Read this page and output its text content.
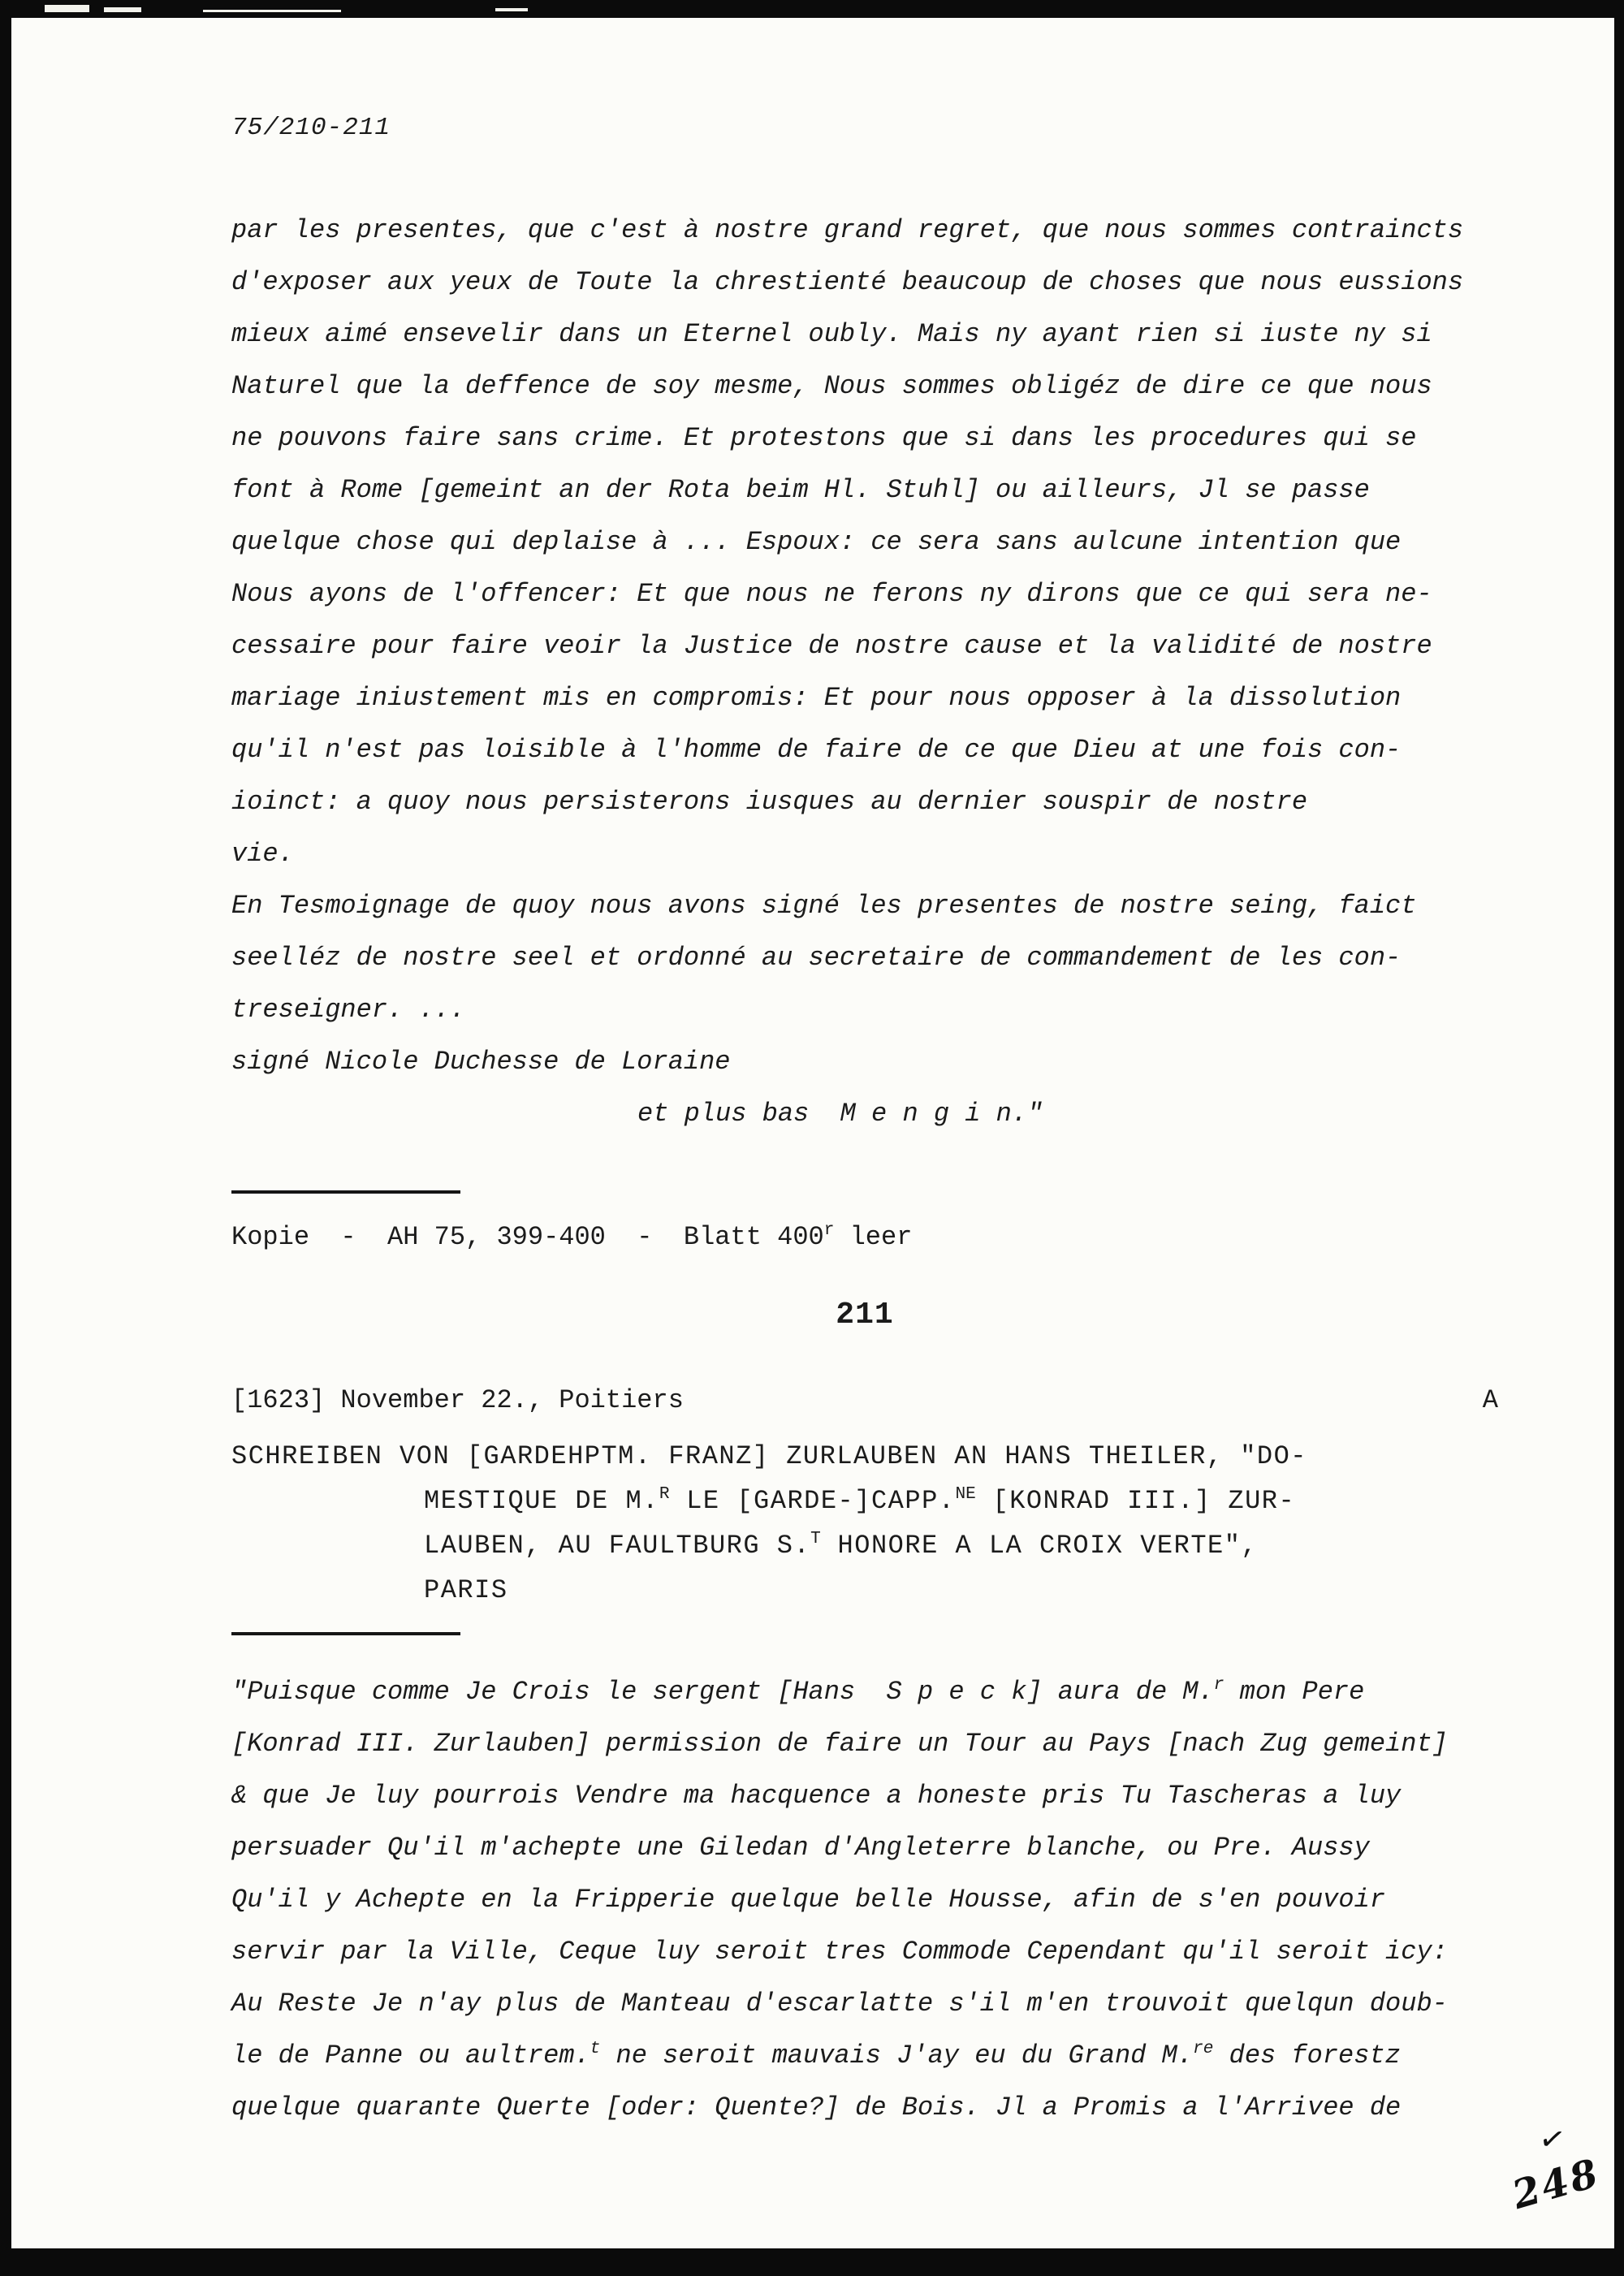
75/210-211
par les presentes, que c'est à nostre grand regret, que nous sommes contraincts
d'exposer aux yeux de Toute la chrestienté beaucoup de choses que nous eussions
mieux aimé ensevelir dans un Eternel oubly. Mais ny ayant rien si iuste ny si
Naturel que la deffence de soy mesme, Nous sommes obligéz de dire ce que nous
ne pouvons faire sans crime. Et protestons que si dans les procedures qui se
font à Rome [gemeint an der Rota beim Hl. Stuhl] ou ailleurs, Jl se passe
quelque chose qui deplaise à ... Espoux: ce sera sans aulcune intention que
Nous ayons de l'offencer: Et que nous ne ferons ny dirons que ce qui sera ne-
cessaire pour faire veoir la Justice de nostre cause et la validité de nostre
mariage iniustement mis en compromis: Et pour nous opposer à la dissolution
qu'il n'est pas loisible à l'homme de faire de ce que Dieu at une fois con-
ioinct: a quoy nous persisterons iusques au dernier souspir de nostre
vie.
En Tesmoignage de quoy nous avons signé les presentes de nostre seing, faict
seelléz de nostre seel et ordonné au secretaire de commandement de les con-
treseigner. ...
signé Nicole Duchesse de Loraine
et plus bas  M e n g i n."
Kopie  -  AH 75, 399-400  -  Blatt 400$^r$ leer
211
[1623] November 22., Poitiers	A
SCHREIBEN VON [GARDEHPTM. FRANZ] ZURLAUBEN AN HANS THEILER, "DO-
MESTIQUE DE M.$^R$ LE [GARDE-]CAPP.$^{NE}$ [KONRAD III.] ZUR-
LAUBEN, AU FAULTBURG S.$^T$ HONORE A LA CROIX VERTE",
PARIS
"Puisque comme Je Crois le sergent [Hans  S p e c k] aura de M.$^r$ mon Pere
[Konrad III. Zurlauben] permission de faire un Tour au Pays [nach Zug gemeint]
& que Je luy pourrois Vendre ma hacquence a honeste pris Tu Tascheras a luy
persuader Qu'il m'achepte une Giledan d'Angleterre blanche, ou Pre. Aussy
Qu'il y Achepte en la Fripperie quelque belle Housse, afin de s'en pouvoir
servir par la Ville, Ceque luy seroit tres Commode Cependant qu'il seroit icy:
Au Reste Je n'ay plus de Manteau d'escarlatte s'il m'en trouvoit quelqun doub-
le de Panne ou aultrem.$^t$ ne seroit mauvais J'ay eu du Grand M.$^{re}$ des forestz
quelque quarante Querte [oder: Quente?] de Bois. Jl a Promis a l'Arrivee de
✓
248
